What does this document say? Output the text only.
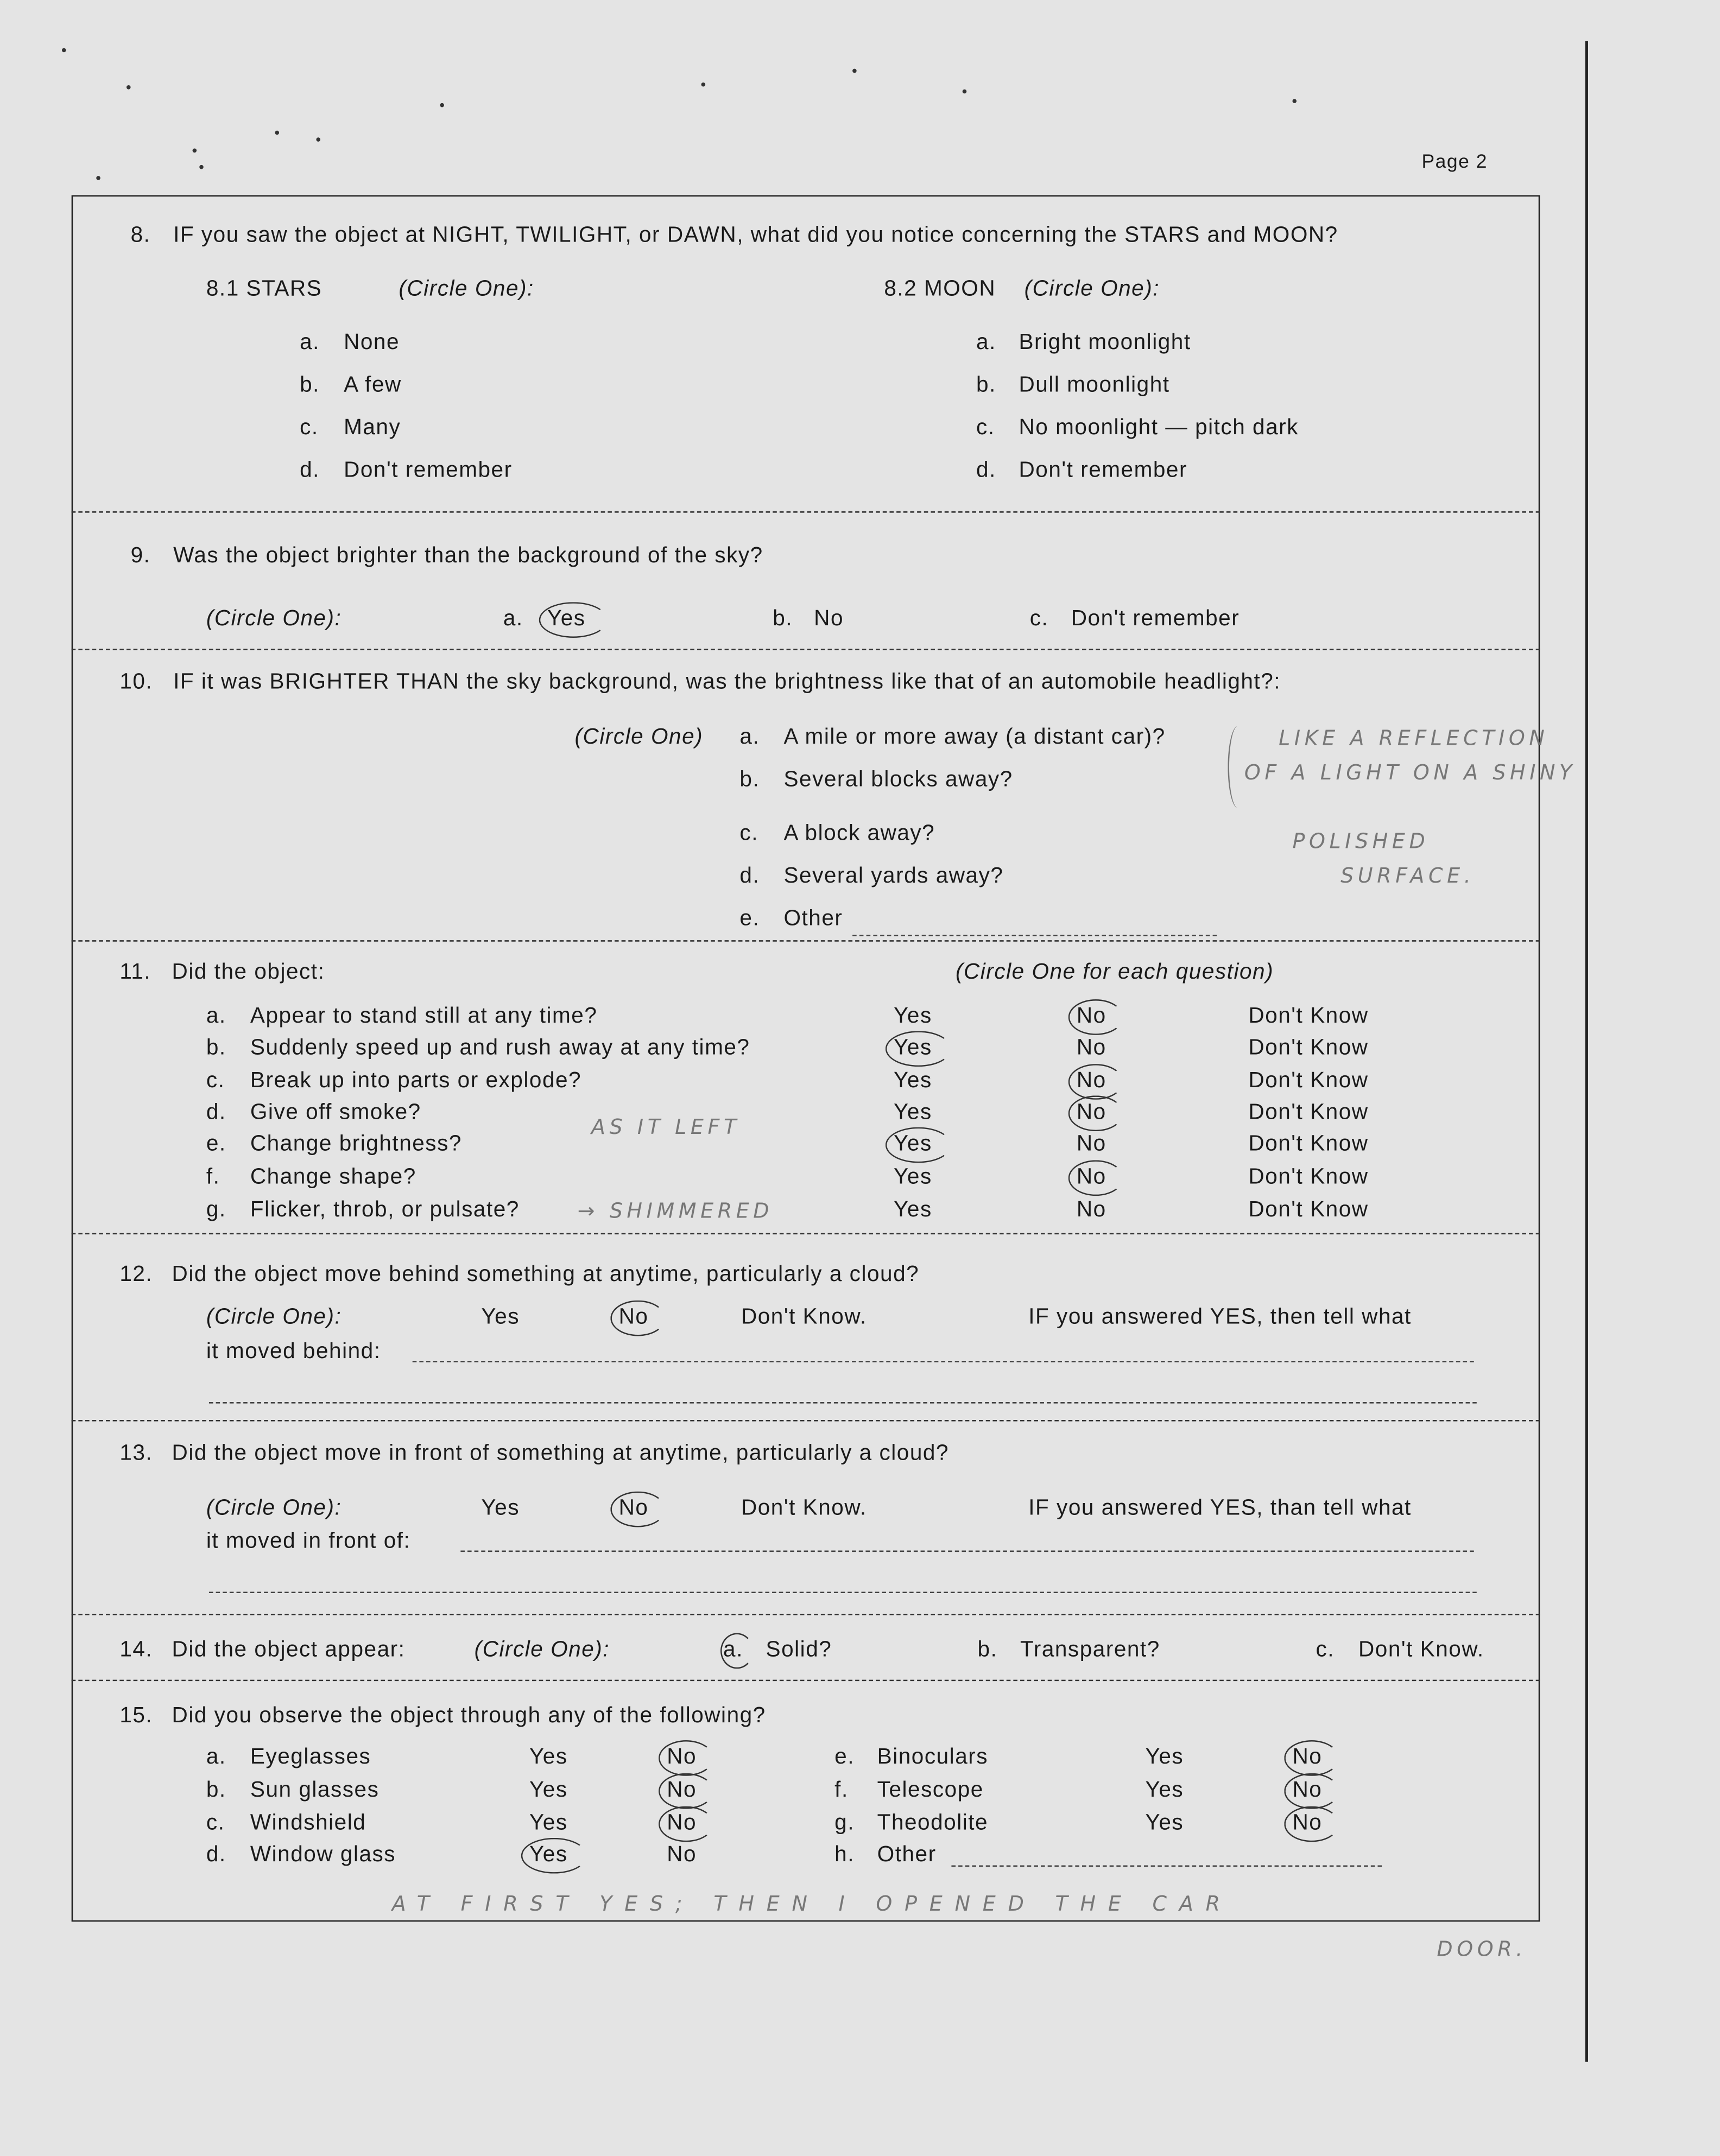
Page 2
8.	IF you saw the object at NIGHT, TWILIGHT, or DAWN, what did you notice concerning the STARS and MOON?
8.1 STARS	(Circle One):	8.2 MOON	(Circle One):
a.	None	a.	Bright moonlight
b.	A few	b.	Dull moonlight
c.	Many	c.	No moonlight — pitch dark
d.	Don't remember	d.	Don't remember
9.	Was the object brighter than the background of the sky?
(Circle One):	a.	Yes	b. No	c.	Don't remember
10. IF it was BRIGHTER THAN the sky background, was the brightness like that of an automobile headlight?:
(Circle One)	a.	A mile or more away (a distant car)?
b.	Several blocks away?
c.	A block away?
d.	Several yards away?
e.	Other
LIKE A REFLECTION
OF A LIGHT ON A SHINY
POLISHED
SURFACE.
11. Did the object:	(Circle One for each question)
a.	Appear to stand still at any time?	Yes	No	Don't Know
b.	Suddenly speed up and rush away at any time?	Yes	No	Don't Know
c.	Break up into parts or explode?	Yes	No	Don't Know
d.	Give off smoke?	Yes	No	Don't Know
e.	Change brightness?	Yes	No	Don't Know
AS IT LEFT
f.	Change shape?	Yes	No	Don't Know
g.	Flicker, throb, or pulsate?	Yes	No	Don't Know
→ SHIMMERED
12. Did the object move behind something at anytime, particularly a cloud?
(Circle One):	Yes	No	Don't Know.	IF you answered YES, then tell what
it moved behind:
13. Did the object move in front of something at anytime, particularly a cloud?
(Circle One):	Yes	No	Don't Know.	IF you answered YES, than tell what
it moved in front of:
14. Did the object appear:	(Circle One):	a.	Solid?	b.	Transparent?	c.	Don't Know.
15. Did you observe the object through any of the following?
a.	Eyeglasses	Yes	No	e.	Binoculars	Yes	No
b.	Sun glasses	Yes	No	f.	Telescope	Yes	No
c.	Windshield	Yes	No	g.	Theodolite	Yes	No
d.	Window glass	Yes	No	h.	Other
AT FIRST YES; THEN I OPENED THE CAR
DOOR.
